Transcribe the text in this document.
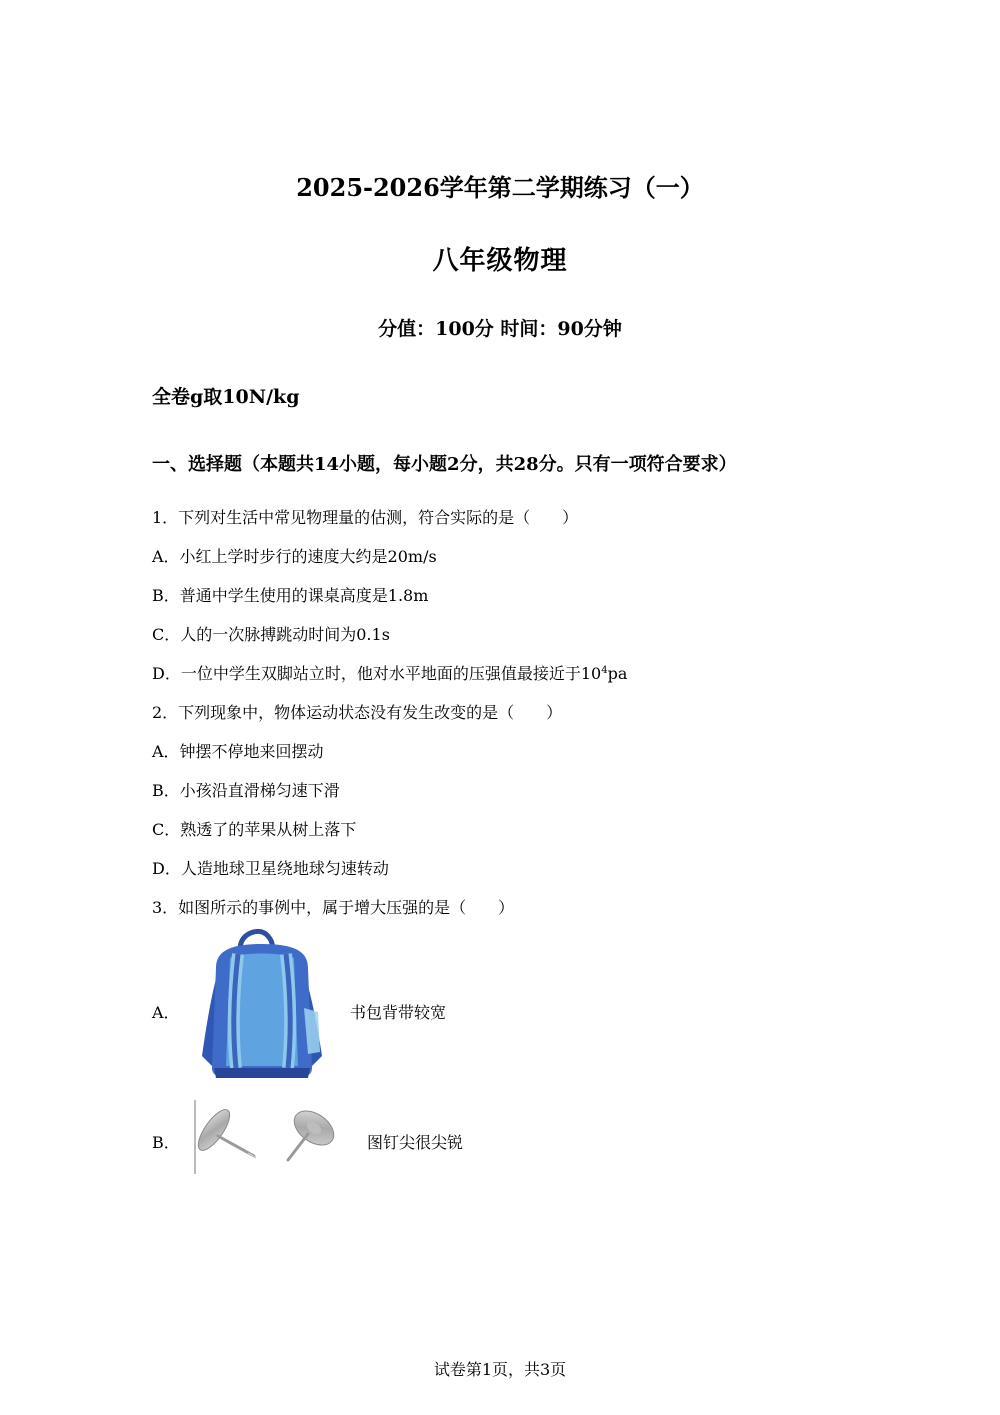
2025-2026学年第二学期练习（一）
八年级物理
分值：100分 时间：90分钟
全卷g取10N/kg
一、选择题（本题共14小题，每小题2分，共28分。只有一项符合要求）
1．下列对生活中常见物理量的估测，符合实际的是（　　）
A．小红上学时步行的速度大约是20m/s
B．普通中学生使用的课桌高度是1.8m
C．人的一次脉搏跳动时间为0.1s
D．一位中学生双脚站立时，他对水平地面的压强值最接近于$10^4pa$
2．下列现象中，物体运动状态没有发生改变的是（　　）
A．钟摆不停地来回摆动
B．小孩沿直滑梯匀速下滑
C．熟透了的苹果从树上落下
D．人造地球卫星绕地球匀速转动
3．如图所示的事例中，属于增大压强的是（　　）
A．	书包背带较宽
B．	图钉尖很尖锐
试卷第1页，共3页
